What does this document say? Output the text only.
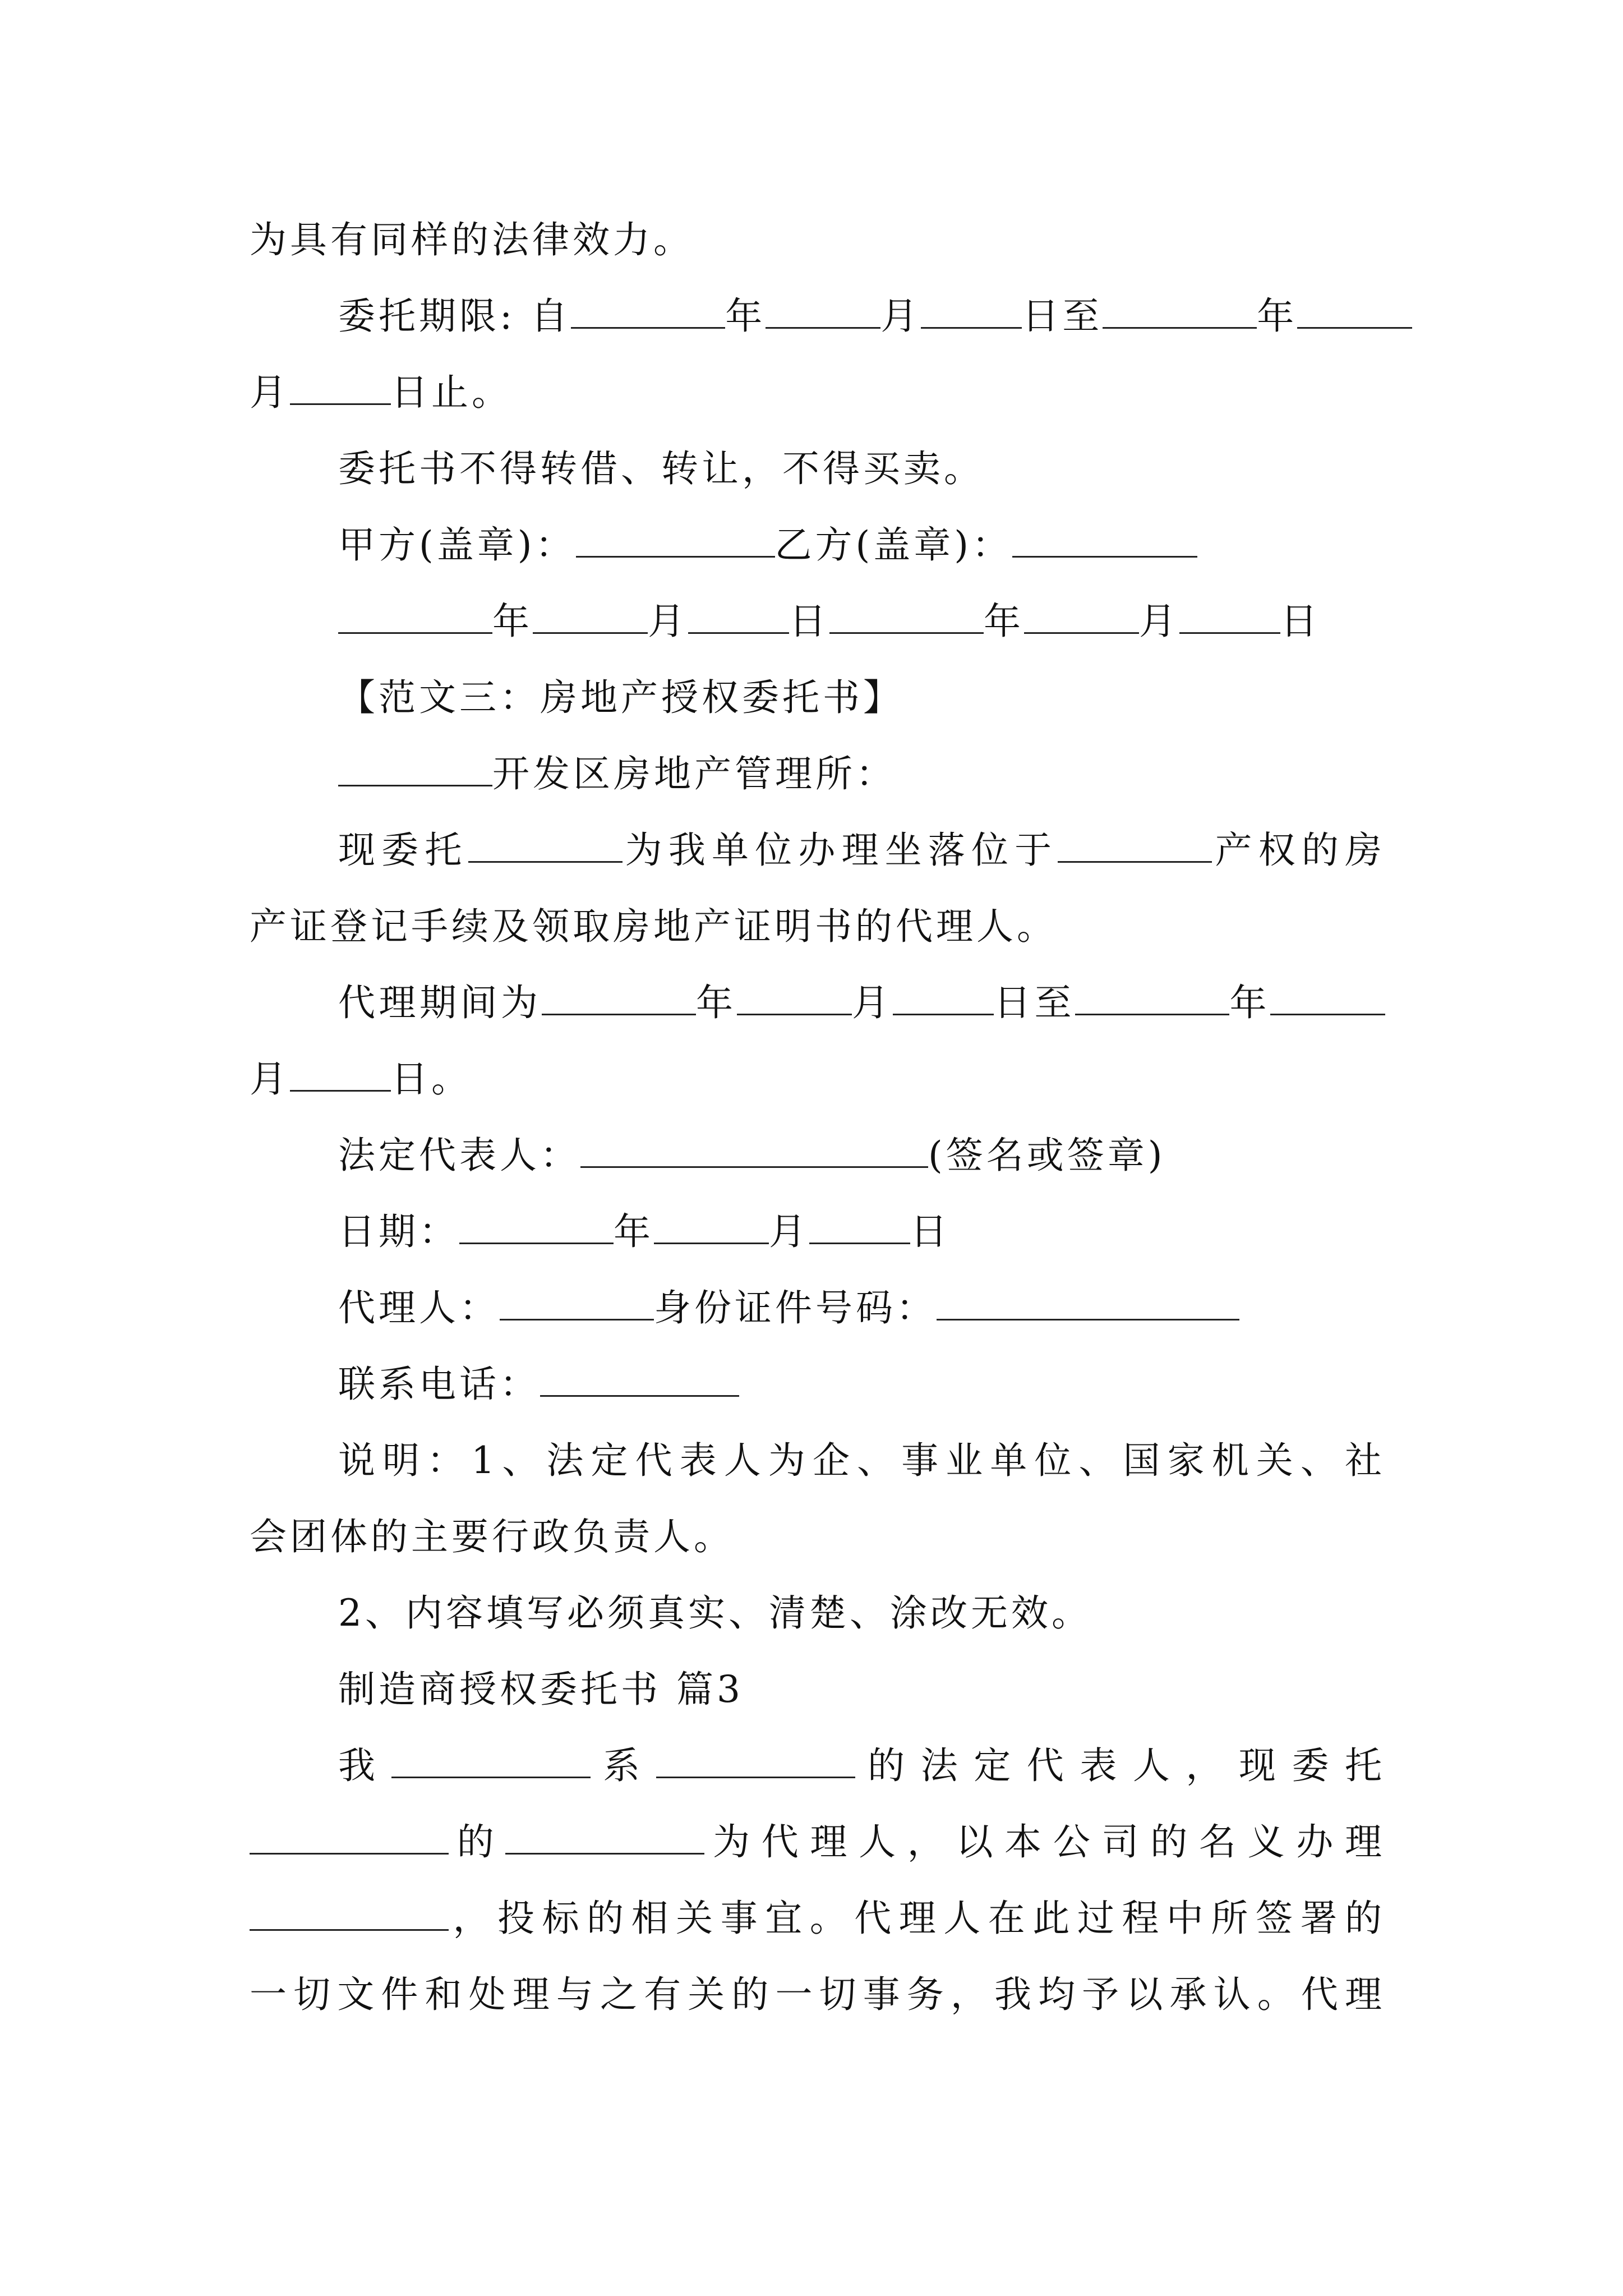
为具有同样的法律效力。
委托期限: 自	年	月	日至	年
月	日止。
委托书不得转借、转让，不得买卖。
甲方(盖章)：	乙方(盖章)：
年	月	日	年	月	日
【范文三：房地产授权委托书】
开发区房地产管理所：
现委托	为我单位办理坐落位于	产权的房
产证登记手续及领取房地产证明书的代理人。
代理期间为	年	月	日至	年
月	日。
法定代表人：	(签名或签章)
日期：	年	月	日
代理人：	身份证件号码：
联系电话：
说明：1、法定代表人为企、事业单位、国家机关、社
会团体的主要行政负责人。
2、内容填写必须真实、清楚、涂改无效。
制造商授权委托书 篇3
我	系	的法定代表人，现委托
的	为代理人，以本公司的名义办理
，投标的相关事宜。代理人在此过程中所签署的
一切文件和处理与之有关的一切事务，我均予以承认。代理
